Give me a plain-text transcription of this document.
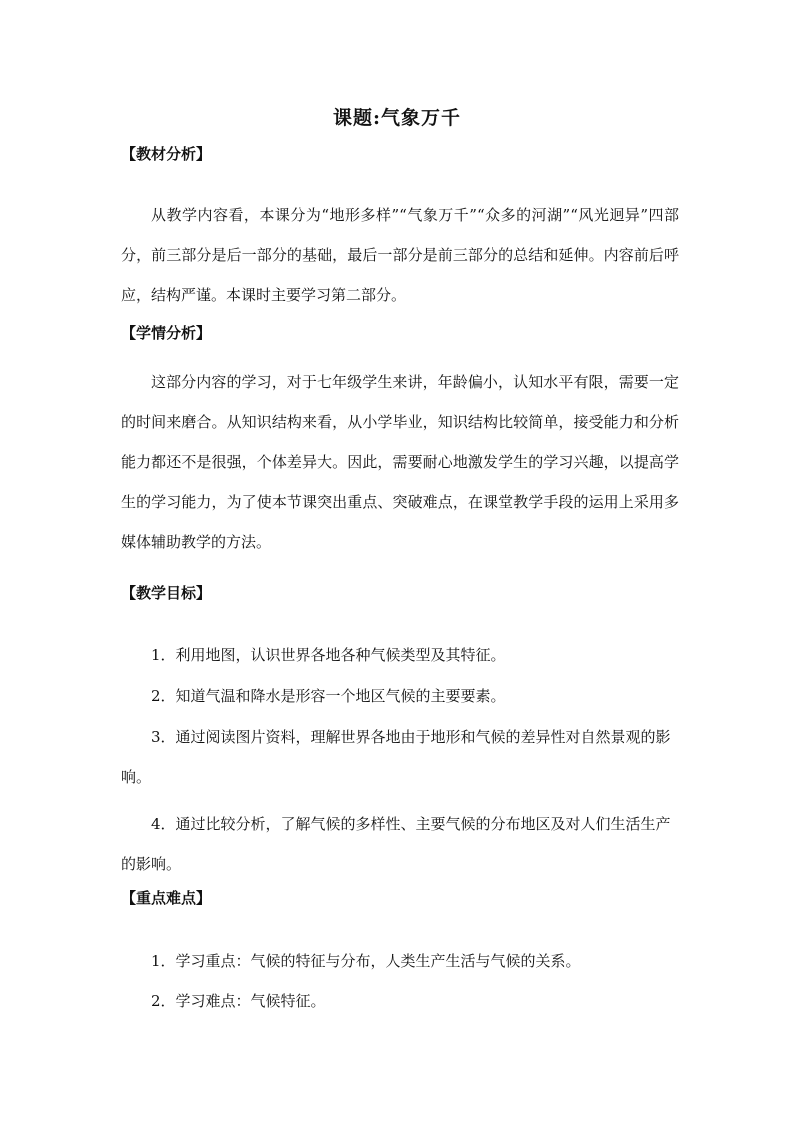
课题:气象万千
【教材分析】

从教学内容看，本课分为“地形多样”“气象万千”“众多的河湖”“风光迥异”四部分，前三部分是后一部分的基础，最后一部分是前三部分的总结和延伸。内容前后呼应，结构严谨。本课时主要学习第二部分。

【学情分析】

这部分内容的学习，对于七年级学生来讲，年龄偏小，认知水平有限，需要一定的时间来磨合。从知识结构来看，从小学毕业，知识结构比较简单，接受能力和分析能力都还不是很强，个体差异大。因此，需要耐心地激发学生的学习兴趣，以提高学生的学习能力，为了使本节课突出重点、突破难点，在课堂教学手段的运用上采用多媒体辅助教学的方法。

【教学目标】

1．利用地图，认识世界各地各种气候类型及其特征。

2．知道气温和降水是形容一个地区气候的主要要素。

3．通过阅读图片资料，理解世界各地由于地形和气候的差异性对自然景观的影响。

4．通过比较分析，了解气候的多样性、主要气候的分布地区及对人们生活生产的影响。

【重点难点】

1．学习重点：气候的特征与分布，人类生产生活与气候的关系。

2．学习难点：气候特征。
